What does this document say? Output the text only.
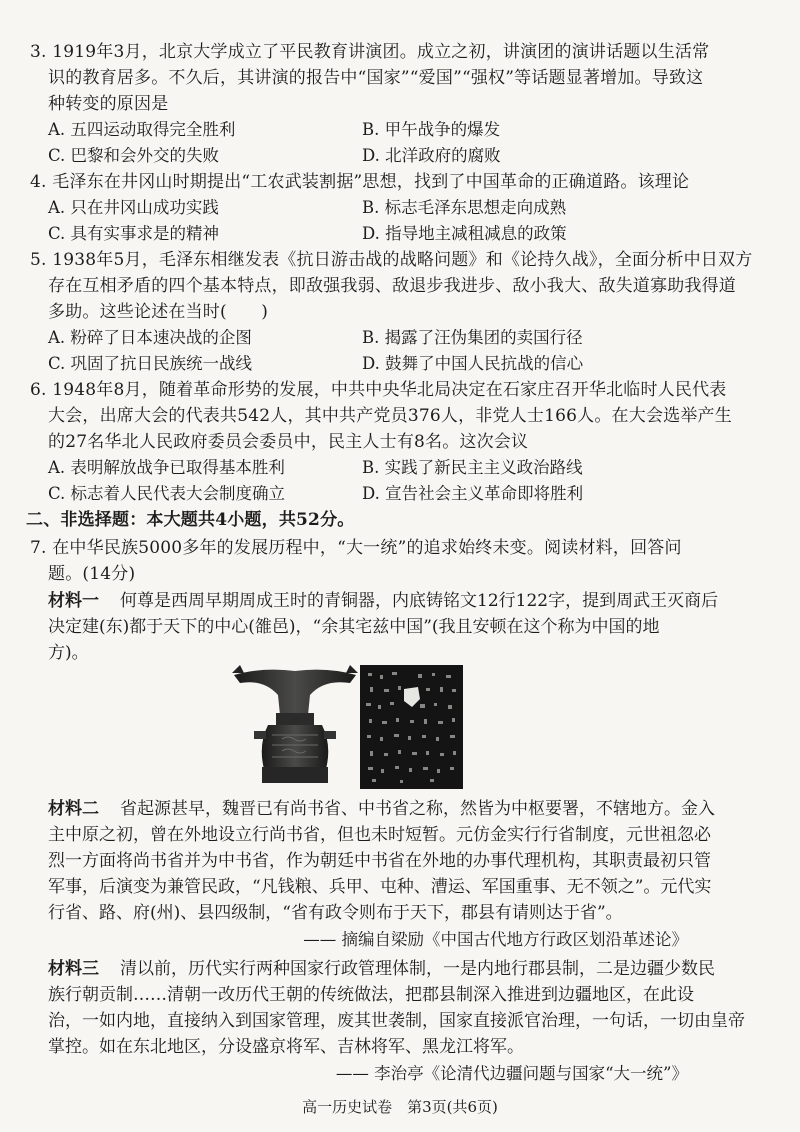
3. 1919年3月，北京大学成立了平民教育讲演团。成立之初，讲演团的演讲话题以生活常
识的教育居多。不久后，其讲演的报告中“国家”“爱国”“强权”等话题显著增加。导致这
种转变的原因是
A. 五四运动取得完全胜利	B. 甲午战争的爆发
C. 巴黎和会外交的失败	D. 北洋政府的腐败
4. 毛泽东在井冈山时期提出“工农武装割据”思想，找到了中国革命的正确道路。该理论
A. 只在井冈山成功实践	B. 标志毛泽东思想走向成熟
C. 具有实事求是的精神	D. 指导地主减租减息的政策
5. 1938年5月，毛泽东相继发表《抗日游击战的战略问题》和《论持久战》，全面分析中日双方
存在互相矛盾的四个基本特点，即敌强我弱、敌退步我进步、敌小我大、敌失道寡助我得道
多助。这些论述在当时(　　)
A. 粉碎了日本速决战的企图	B. 揭露了汪伪集团的卖国行径
C. 巩固了抗日民族统一战线	D. 鼓舞了中国人民抗战的信心
6. 1948年8月，随着革命形势的发展，中共中央华北局决定在石家庄召开华北临时人民代表
大会，出席大会的代表共542人，其中共产党员376人，非党人士166人。在大会选举产生
的27名华北人民政府委员会委员中，民主人士有8名。这次会议
A. 表明解放战争已取得基本胜利	B. 实践了新民主主义政治路线
C. 标志着人民代表大会制度确立	D. 宣告社会主义革命即将胜利
二、非选择题：本大题共4小题，共52分。
7. 在中华民族5000多年的发展历程中，“大一统”的追求始终未变。阅读材料，回答问
题。(14分)
材料一 何尊是西周早期周成王时的青铜器，内底铸铭文12行122字，提到周武王灭商后
决定建(东)都于天下的中心(雒邑)，“余其宅兹中国”(我且安顿在这个称为中国的地
方)。
材料二 省起源甚早，魏晋已有尚书省、中书省之称，然皆为中枢要署，不辖地方。金入
主中原之初，曾在外地设立行尚书省，但也未时短暂。元仿金实行行省制度，元世祖忽必
烈一方面将尚书省并为中书省，作为朝廷中书省在外地的办事代理机构，其职责最初只管
军事，后演变为兼管民政，“凡钱粮、兵甲、屯种、漕运、军国重事、无不领之”。元代实
行省、路、府(州)、县四级制，“省有政令则布于天下，郡县有请则达于省”。
—— 摘编自梁励《中国古代地方行政区划沿革述论》
材料三 清以前，历代实行两种国家行政管理体制，一是内地行郡县制，二是边疆少数民
族行朝贡制……清朝一改历代王朝的传统做法，把郡县制深入推进到边疆地区，在此设
治，一如内地，直接纳入到国家管理，废其世袭制，国家直接派官治理，一句话，一切由皇帝
掌控。如在东北地区，分设盛京将军、吉林将军、黑龙江将军。
—— 李治亭《论清代边疆问题与国家“大一统”》
高一历史试卷　第3页(共6页)
